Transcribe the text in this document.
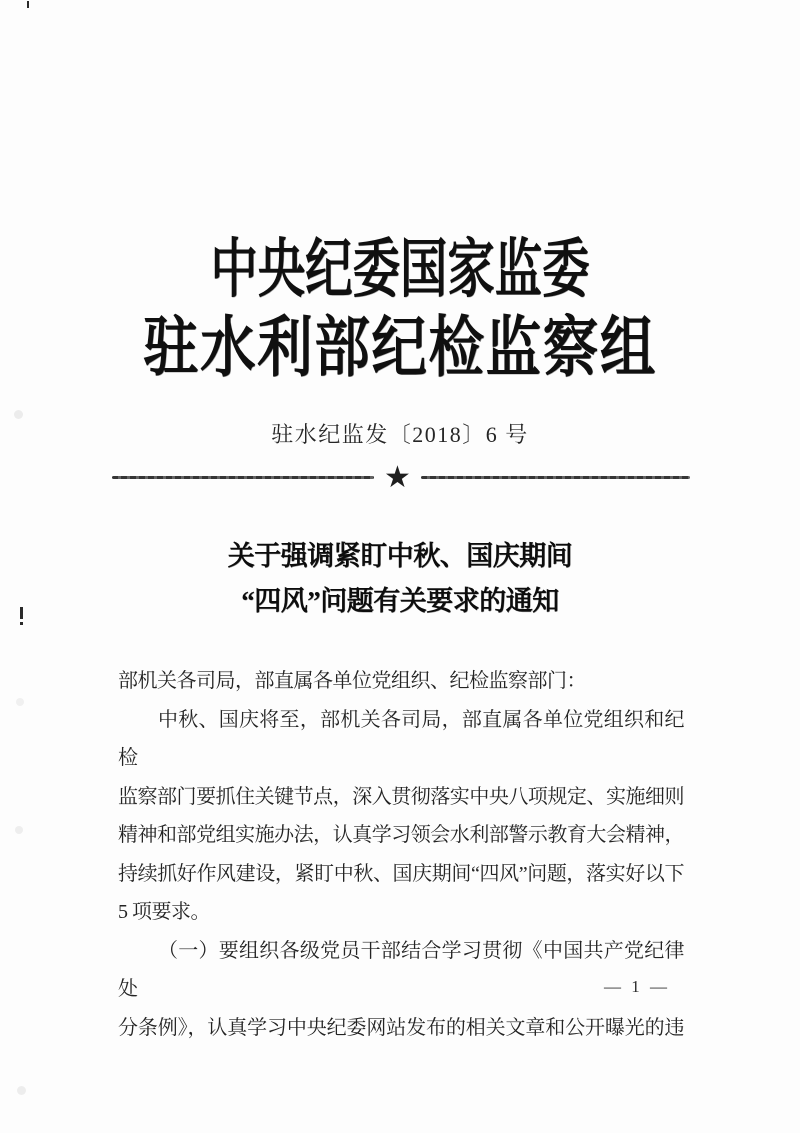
中央纪委国家监委
驻水利部纪检监察组
驻水纪监发〔2018〕6 号
★
关于强调紧盯中秋、国庆期间
“四风”问题有关要求的通知
部机关各司局，部直属各单位党组织、纪检监察部门：
中秋、国庆将至，部机关各司局，部直属各单位党组织和纪检
监察部门要抓住关键节点，深入贯彻落实中央八项规定、实施细则
精神和部党组实施办法，认真学习领会水利部警示教育大会精神，
持续抓好作风建设，紧盯中秋、国庆期间“四风”问题，落实好以下
5 项要求。
（一）要组织各级党员干部结合学习贯彻《中国共产党纪律处
分条例》，认真学习中央纪委网站发布的相关文章和公开曝光的违
— 1 —
